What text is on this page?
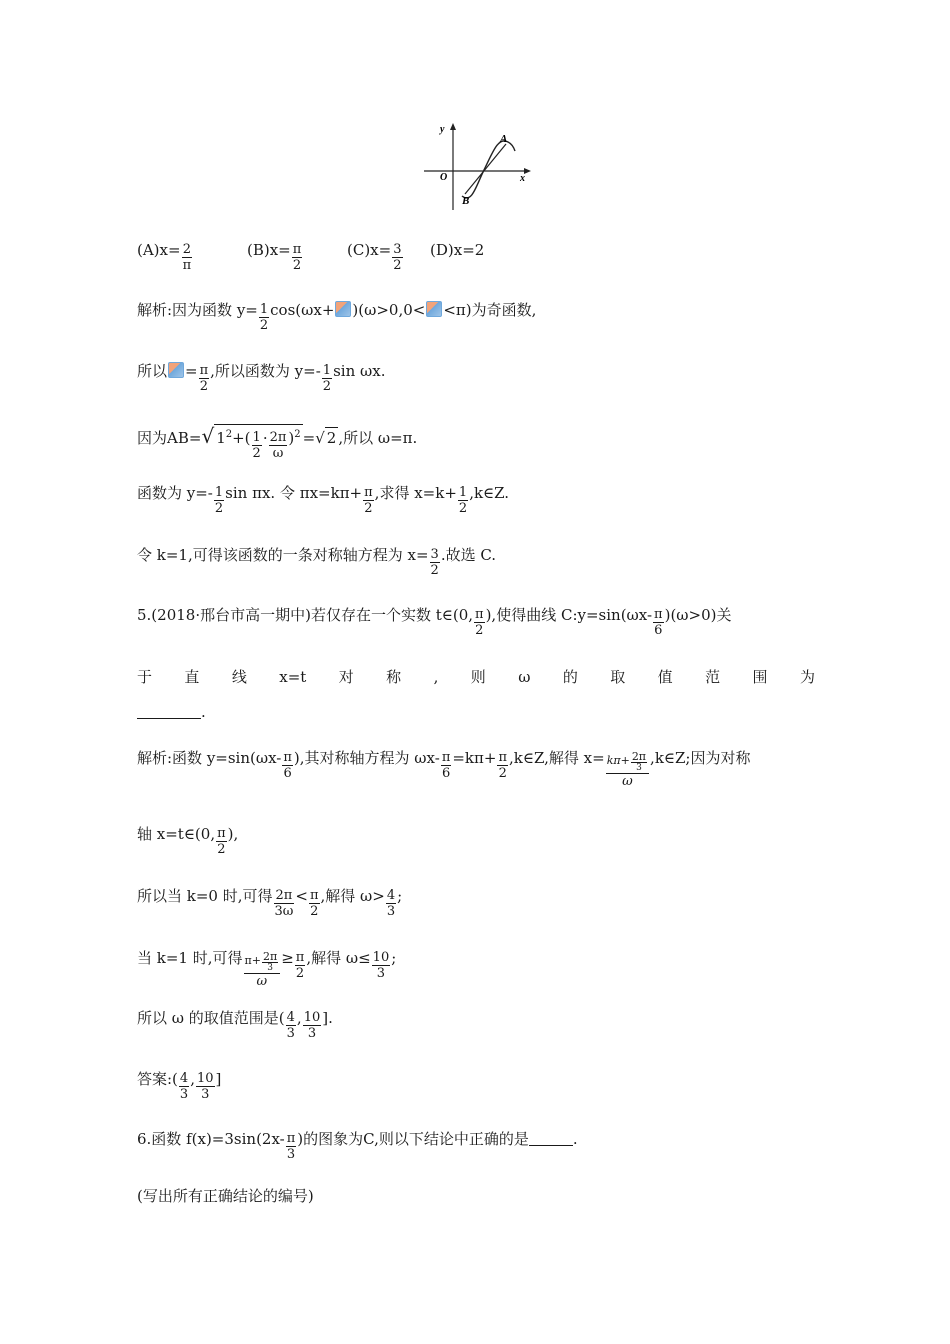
y
O	x
A
B
$(A)x= \frac{2}{\pi}$	$(B)x= \frac{\pi}{2}$	$(C)x= \frac{3}{2} (D)x=2$
解析:因为函数 $y= \frac{1}{2} \cos(\omega x+ )(\omega>0,0< <\pi)$为奇函数,
所以 = $\frac{\pi}{2}$ ,所以函数为 $y=- \frac{1}{2}$ sin ωx.
因为AB=√ $1^2+( \frac{1}{2} \cdot \frac{2\pi}{\omega} )^2$ =√ 2 ,所以 ω=π.
函数为 $y=- \frac{1}{2}$ sin πx. 令 $\pi x=k\pi+ \frac{\pi}{2}$ ,求得 $x=k+ \frac{1}{2}$ ,k∈Z.
令 k=1,可得该函数的一条对称轴方程为 $x= \frac{3}{2}$ .故选 C.
5.(2018·邢台市高一期中)若仅存在一个实数 t∈(0, $\frac{\pi}{2}$ ),使得曲线 C:y=sin(ωx- $\frac{\pi}{6} )(\omega>0)$关
于 直 线 x=t 对 称 , 则 ω 的 取 值 范 围 为
.
解析:函数 $y=\sin(\omega x- \frac{\pi}{6}$ ),其对称轴方程为 $\omega x- \frac{\pi}{6} =k\pi+ \frac{\pi}{2}$ ,k∈Z,解得 $x= \frac{k\pi+ \frac{2\pi}{3}}{\omega}$ ,k∈Z;因为对称
轴 x=t∈(0, $\frac{\pi}{2}$ ),
所以当 k=0 时,可得 $\frac{2\pi}{3\omega} < \frac{\pi}{2}$ ,解得 $\omega> \frac{4}{3}$ ;
当 k=1 时,可得 $\frac{\pi+ \frac{2\pi}{3}}{\omega} \ge \frac{\pi}{2}$ ,解得 $\omega\le \frac{10}{3}$ ;
所以 ω 的取值范围是( $\frac{4}{3}$ , $\frac{10}{3}$ ].
答案:( $\frac{4}{3}$ , $\frac{10}{3}$ ]
6.函数 $f(x)=3\sin(2x- \frac{\pi}{3}$ )的图象为C,则以下结论中正确的是	.
(写出所有正确结论的编号)
